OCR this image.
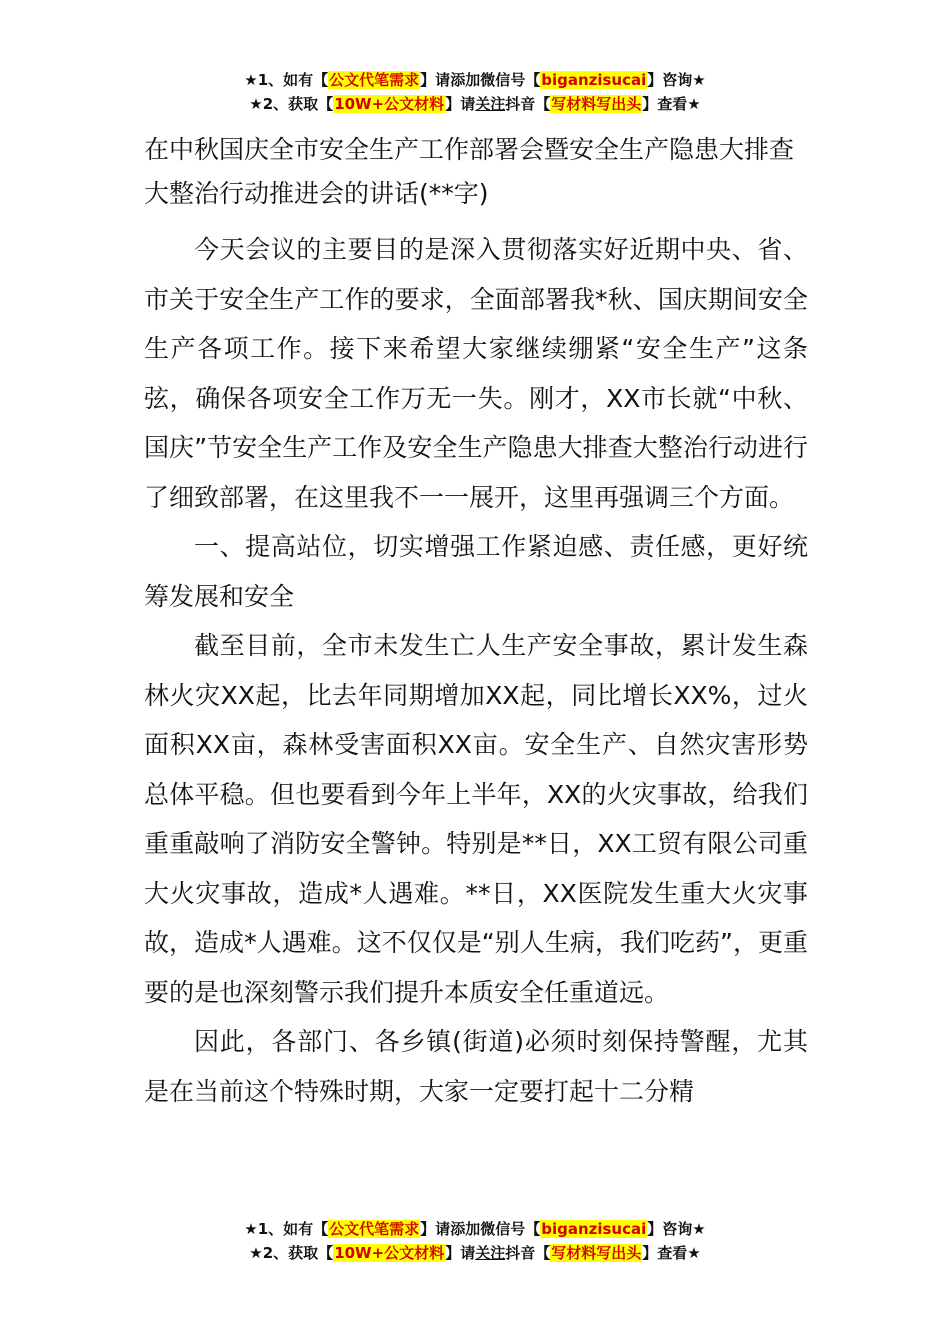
★1、如有【公文代笔需求】请添加微信号【biganzisucai】咨询★
★2、获取【10W+公文材料】请关注抖音【写材料写出头】查看★
在中秋国庆全市安全生产工作部署会暨安全生产隐患大排查大整治行动推进会的讲话(**字)

今天会议的主要目的是深入贯彻落实好近期中央、省、市关于安全生产工作的要求，全面部署我*秋、国庆期间安全生产各项工作。接下来希望大家继续绷紧“安全生产”这条弦，确保各项安全工作万无一失。刚才，XX市长就“中秋、国庆”节安全生产工作及安全生产隐患大排查大整治行动进行了细致部署，在这里我不一一展开，这里再强调三个方面。

一、提高站位，切实增强工作紧迫感、责任感，更好统筹发展和安全

截至目前，全市未发生亡人生产安全事故，累计发生森林火灾XX起，比去年同期增加XX起，同比增长XX%，过火面积XX亩，森林受害面积XX亩。安全生产、自然灾害形势总体平稳。但也要看到今年上半年，XX的火灾事故，给我们重重敲响了消防安全警钟。特别是**日，XX工贸有限公司重大火灾事故，造成*人遇难。**日，XX医院发生重大火灾事故，造成*人遇难。这不仅仅是“别人生病，我们吃药”，更重要的是也深刻警示我们提升本质安全任重道远。

因此，各部门、各乡镇(街道)必须时刻保持警醒，尤其是在当前这个特殊时期，大家一定要打起十二分精

★1、如有【公文代笔需求】请添加微信号【biganzisucai】咨询★
★2、获取【10W+公文材料】请关注抖音【写材料写出头】查看★
